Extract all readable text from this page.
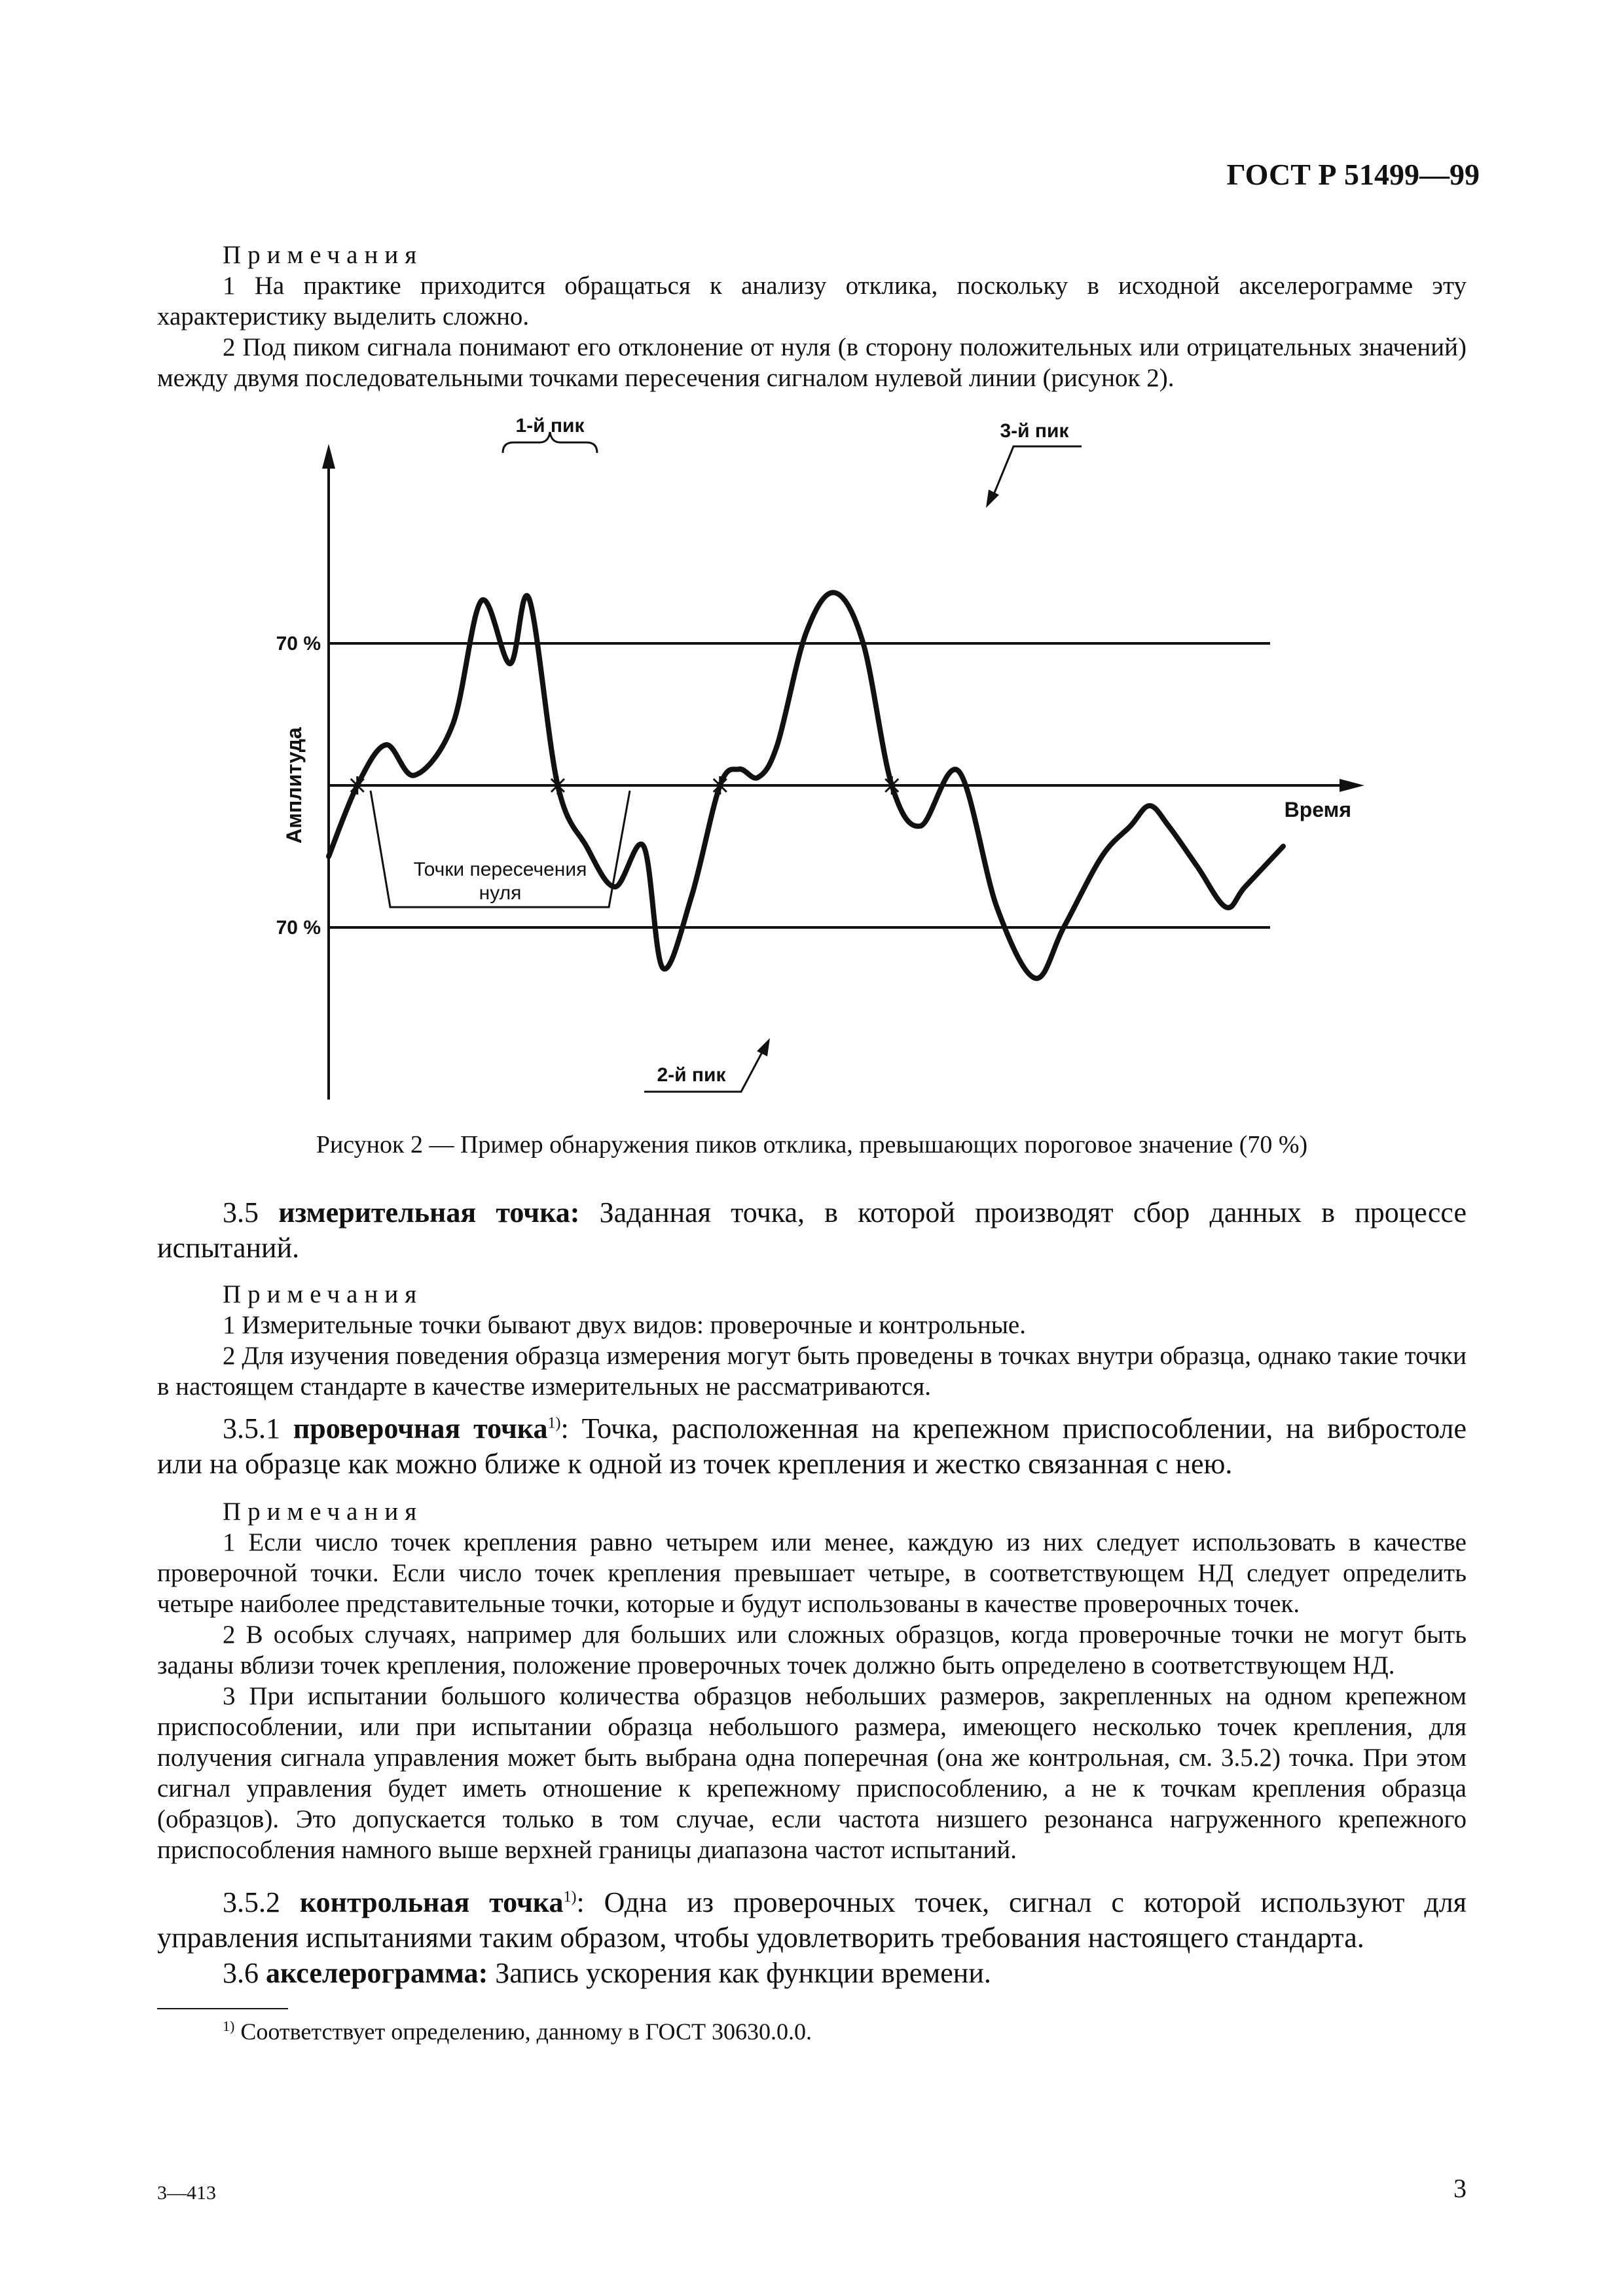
ГОСТ Р 51499—99

Примечания

1 На практике приходится обращаться к анализу отклика, поскольку в исходной акселерограмме эту характеристику выделить сложно.

2 Под пиком сигнала понимают его отклонение от нуля (в сторону положительных или отрицательных значений) между двумя последовательными точками пересечения сигналом нулевой линии (рисунок 2).

70 %
70 %
Амплитуда	Время
1-й пик	3-й пик
2-й пик
Точки пересечения
нуля
Рисунок 2 — Пример обнаружения пиков отклика, превышающих пороговое значение (70 %)

3.5 измерительная точка: Заданная точка, в которой производят сбор данных в процессе испытаний.

Примечания

1 Измерительные точки бывают двух видов: проверочные и контрольные.

2 Для изучения поведения образца измерения могут быть проведены в точках внутри образца, однако такие точки в настоящем стандарте в качестве измерительных не рассматриваются.

3.5.1 проверочная точка$^{1)}$: Точка, расположенная на крепежном приспособлении, на вибростоле или на образце как можно ближе к одной из точек крепления и жестко связанная с нею.

Примечания

1 Если число точек крепления равно четырем или менее, каждую из них следует использовать в качестве проверочной точки. Если число точек крепления превышает четыре, в соответствующем НД следует определить четыре наиболее представительные точки, которые и будут использованы в качестве проверочных точек.

2 В особых случаях, например для больших или сложных образцов, когда проверочные точки не могут быть заданы вблизи точек крепления, положение проверочных точек должно быть определено в соответствующем НД.

3 При испытании большого количества образцов небольших размеров, закрепленных на одном крепежном приспособлении, или при испытании образца небольшого размера, имеющего несколько точек крепления, для получения сигнала управления может быть выбрана одна поперечная (она же контрольная, см. 3.5.2) точка. При этом сигнал управления будет иметь отношение к крепежному приспособлению, а не к точкам крепления образца (образцов). Это допускается только в том случае, если частота низшего резонанса нагруженного крепежного приспособления намного выше верхней границы диапазона частот испытаний.

3.5.2 контрольная точка$^{1)}$: Одна из проверочных точек, сигнал с которой используют для управления испытаниями таким образом, чтобы удовлетворить требования настоящего стандарта.

3.6 акселерограмма: Запись ускорения как функции времени.

$^{1)}$ Соответствует определению, данному в ГОСТ 30630.0.0.
3—413	3
